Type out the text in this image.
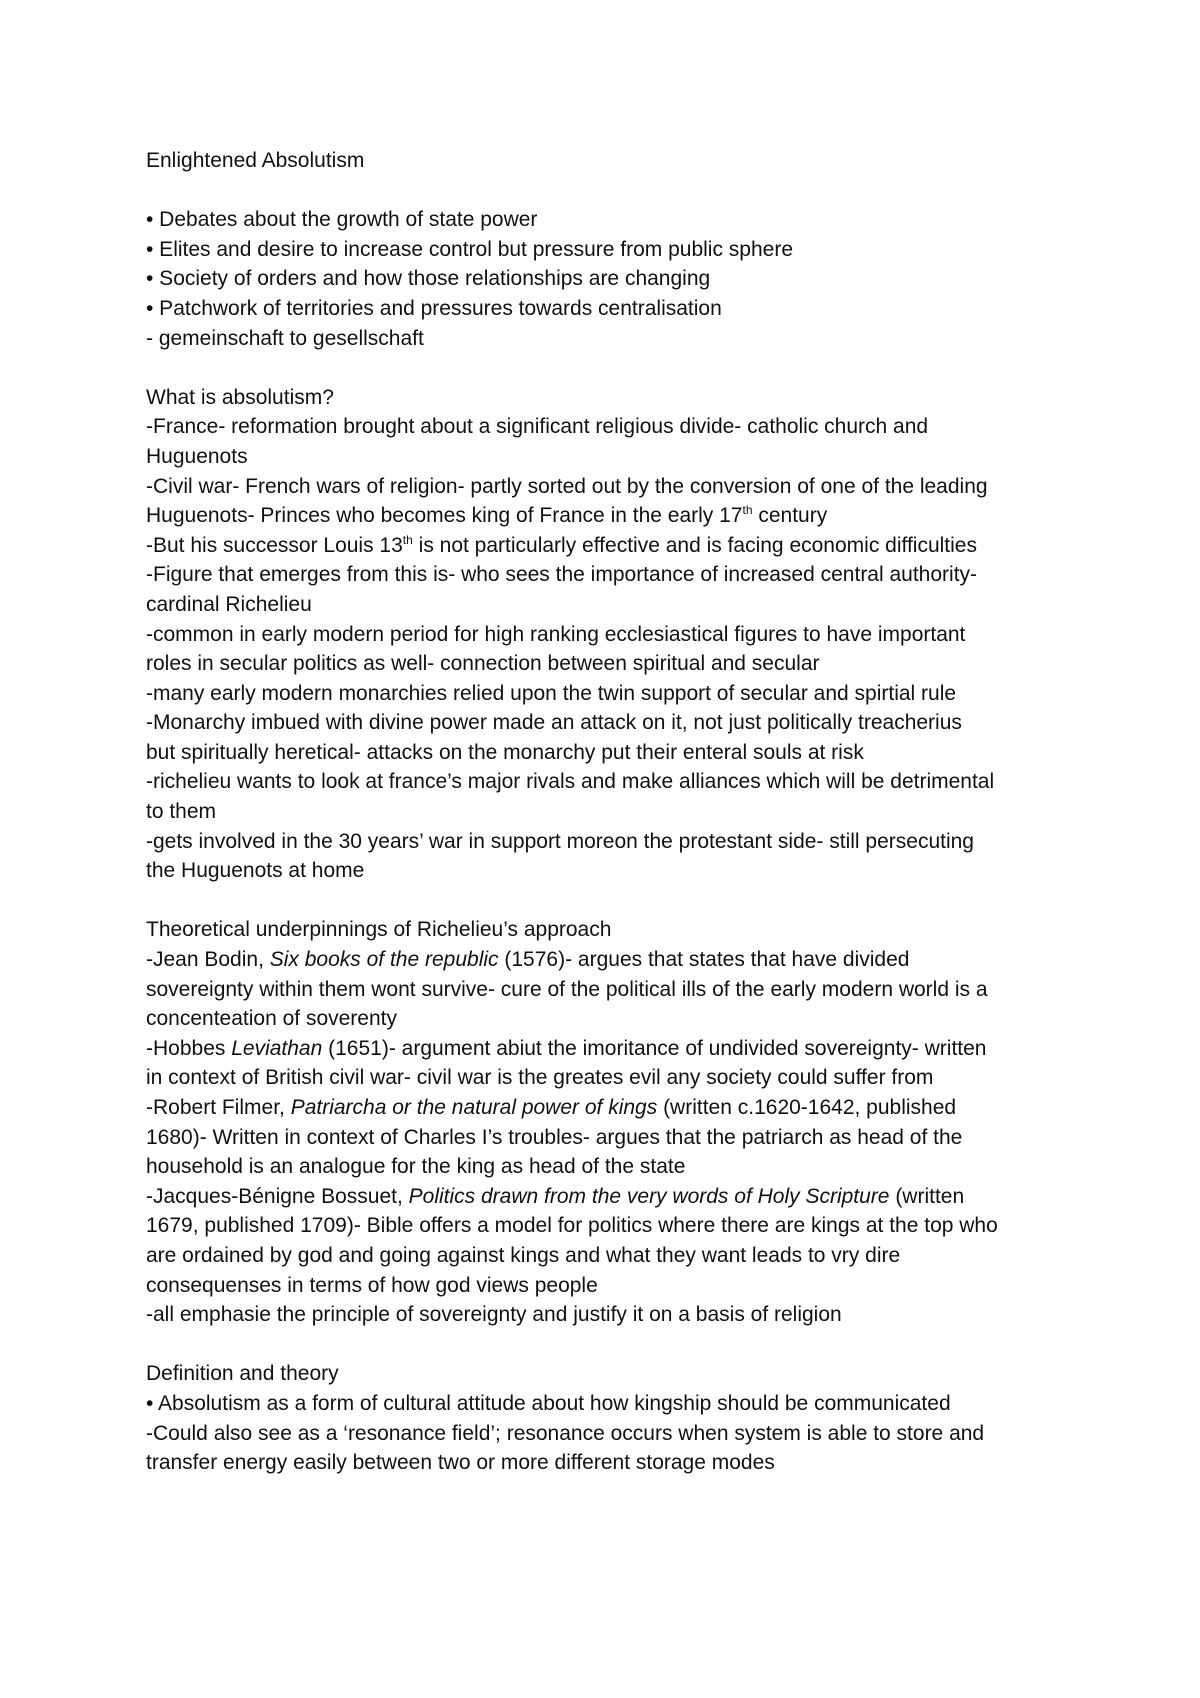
Enlightened Absolutism
• Debates about the growth of state power
• Elites and desire to increase control but pressure from public sphere
• Society of orders and how those relationships are changing
• Patchwork of territories and pressures towards centralisation
- gemeinschaft to gesellschaft
What is absolutism?
-France- reformation brought about a significant religious divide- catholic church and
Huguenots
-Civil war- French wars of religion- partly sorted out by the conversion of one of the leading
Huguenots- Princes who becomes king of France in the early 17th century
-But his successor Louis 13th is not particularly effective and is facing economic difficulties
-Figure that emerges from this is- who sees the importance of increased central authority-
cardinal Richelieu
-common in early modern period for high ranking ecclesiastical figures to have important
roles in secular politics as well- connection between spiritual and secular
-many early modern monarchies relied upon the twin support of secular and spirtial rule
-Monarchy imbued with divine power made an attack on it, not just politically treacherius
but spiritually heretical- attacks on the monarchy put their enteral souls at risk
-richelieu wants to look at france’s major rivals and make alliances which will be detrimental
to them
-gets involved in the 30 years’ war in support moreon the protestant side- still persecuting
the Huguenots at home
Theoretical underpinnings of Richelieu’s approach
-Jean Bodin, Six books of the republic (1576)- argues that states that have divided
sovereignty within them wont survive- cure of the political ills of the early modern world is a
concenteation of soverenty
-Hobbes Leviathan (1651)- argument abiut the imoritance of undivided sovereignty- written
in context of British civil war- civil war is the greates evil any society could suffer from
-Robert Filmer, Patriarcha or the natural power of kings (written c.1620-1642, published
1680)- Written in context of Charles I’s troubles- argues that the patriarch as head of the
household is an analogue for the king as head of the state
-Jacques-Bénigne Bossuet, Politics drawn from the very words of Holy Scripture (written
1679, published 1709)- Bible offers a model for politics where there are kings at the top who
are ordained by god and going against kings and what they want leads to vry dire
consequenses in terms of how god views people
-all emphasie the principle of sovereignty and justify it on a basis of religion
Definition and theory
• Absolutism as a form of cultural attitude about how kingship should be communicated
-Could also see as a ‘resonance field’; resonance occurs when system is able to store and
transfer energy easily between two or more different storage modes
